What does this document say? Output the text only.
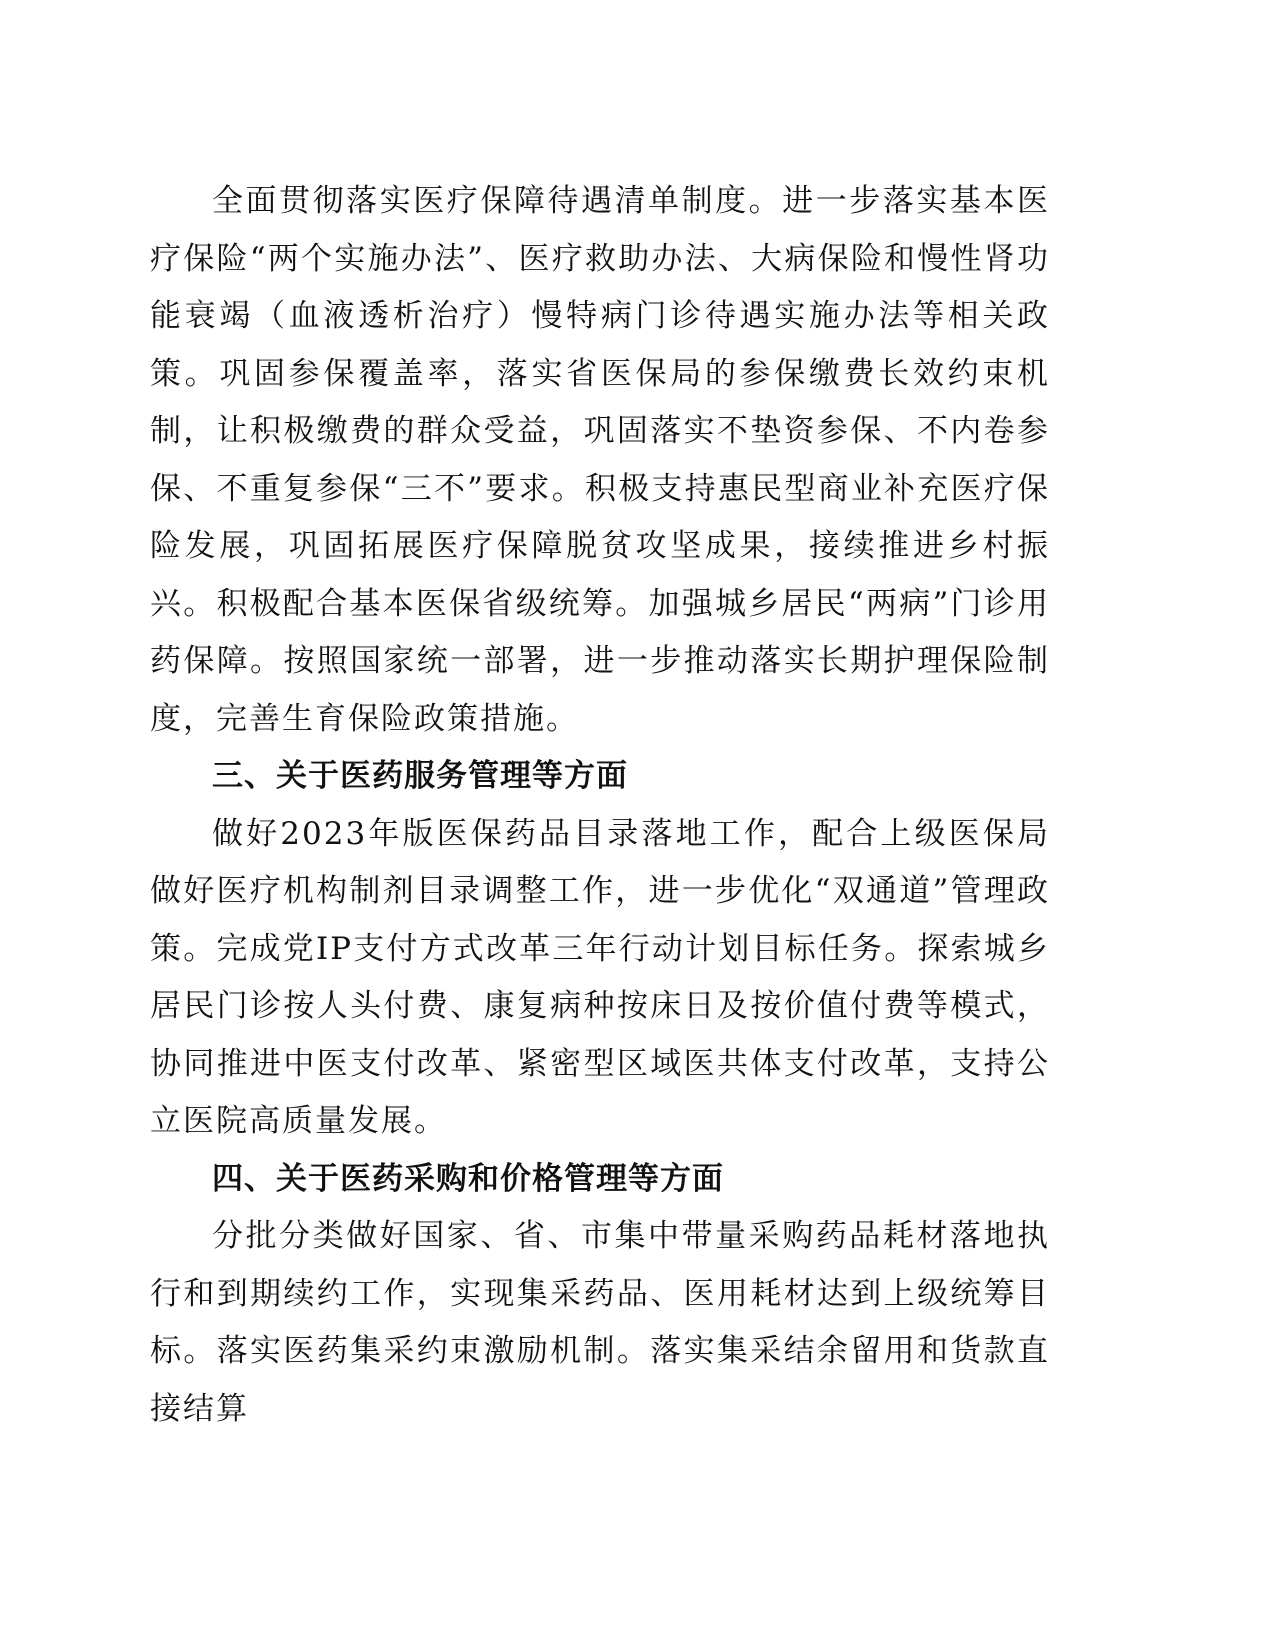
全面贯彻落实医疗保障待遇清单制度。进一步落实基本医疗保险“两个实施办法”、医疗救助办法、大病保险和慢性肾功能衰竭（血液透析治疗）慢特病门诊待遇实施办法等相关政策。巩固参保覆盖率，落实省医保局的参保缴费长效约束机制，让积极缴费的群众受益，巩固落实不垫资参保、不内卷参保、不重复参保“三不”要求。积极支持惠民型商业补充医疗保险发展，巩固拓展医疗保障脱贫攻坚成果，接续推进乡村振兴。积极配合基本医保省级统筹。加强城乡居民“两病”门诊用药保障。按照国家统一部署，进一步推动落实长期护理保险制度，完善生育保险政策措施。

三、关于医药服务管理等方面

做好2023年版医保药品目录落地工作，配合上级医保局做好医疗机构制剂目录调整工作，进一步优化“双通道”管理政策。完成党IP支付方式改革三年行动计划目标任务。探索城乡居民门诊按人头付费、康复病种按床日及按价值付费等模式，协同推进中医支付改革、紧密型区域医共体支付改革，支持公立医院高质量发展。

四、关于医药采购和价格管理等方面

分批分类做好国家、省、市集中带量采购药品耗材落地执行和到期续约工作，实现集采药品、医用耗材达到上级统筹目标。落实医药集采约束激励机制。落实集采结余留用和货款直接结算
